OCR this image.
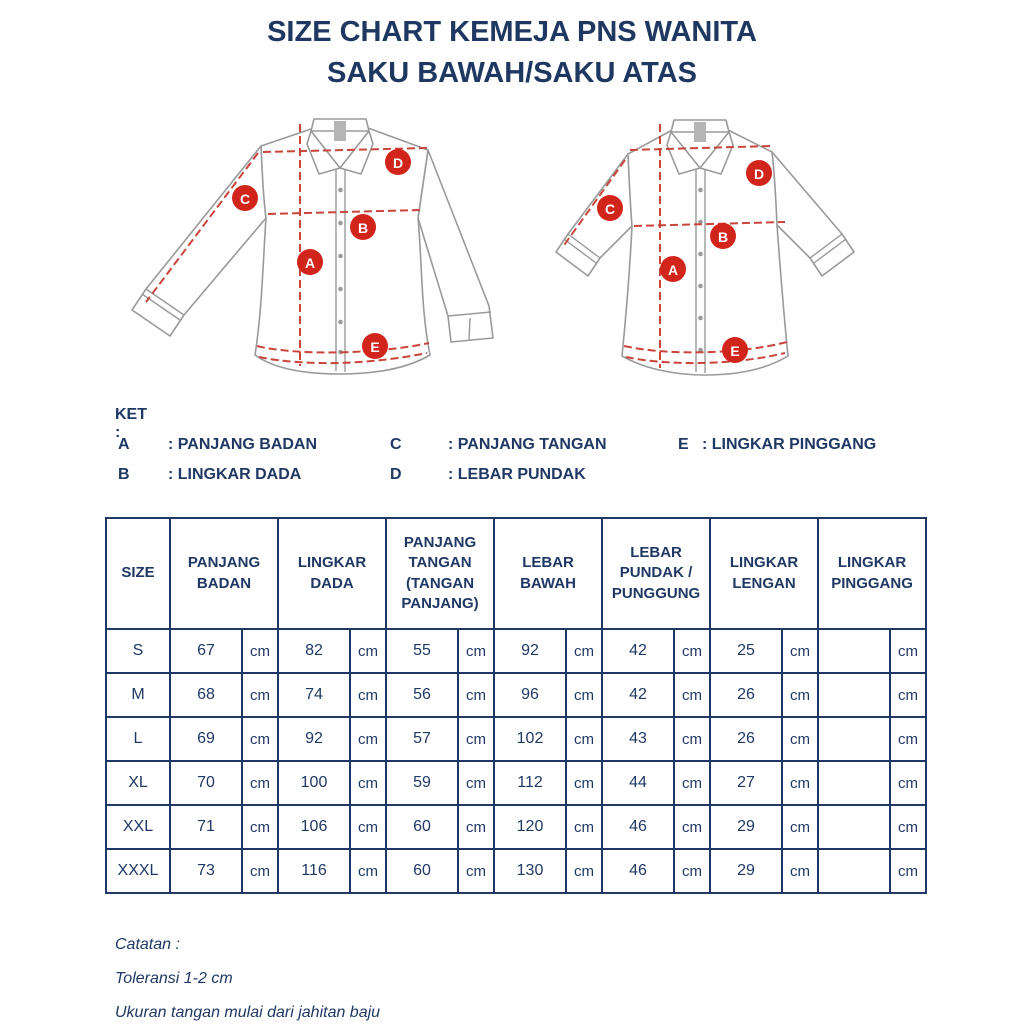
SIZE CHART KEMEJA PNS WANITA
SAKU BAWAH/SAKU ATAS
D
C
B
A
E
D
C
B
A
E
KET :
A : PANJANG BADAN	C	: PANJANG TANGAN	E : LINGKAR PINGGANG
B : LINGKAR DADA	D	: LEBAR PUNDAK
SIZE	PANJANG BADAN		LINGKAR DADA		PANJANG TANGAN (TANGAN PANJANG)		LEBAR BAWAH		LEBAR PUNDAK / PUNGGUNG		LINGKAR LENGAN		LINGKAR PINGGANG	
S	67	cm	82	cm	55	cm	92	cm	42	cm	25	cm		cm
M	68	cm	74	cm	56	cm	96	cm	42	cm	26	cm		cm
L	69	cm	92	cm	57	cm	102	cm	43	cm	26	cm		cm
XL	70	cm	100	cm	59	cm	112	cm	44	cm	27	cm		cm
XXL	71	cm	106	cm	60	cm	120	cm	46	cm	29	cm		cm
XXXL	73	cm	116	cm	60	cm	130	cm	46	cm	29	cm		cm
Catatan :
Toleransi 1-2 cm
Ukuran tangan mulai dari jahitan baju
